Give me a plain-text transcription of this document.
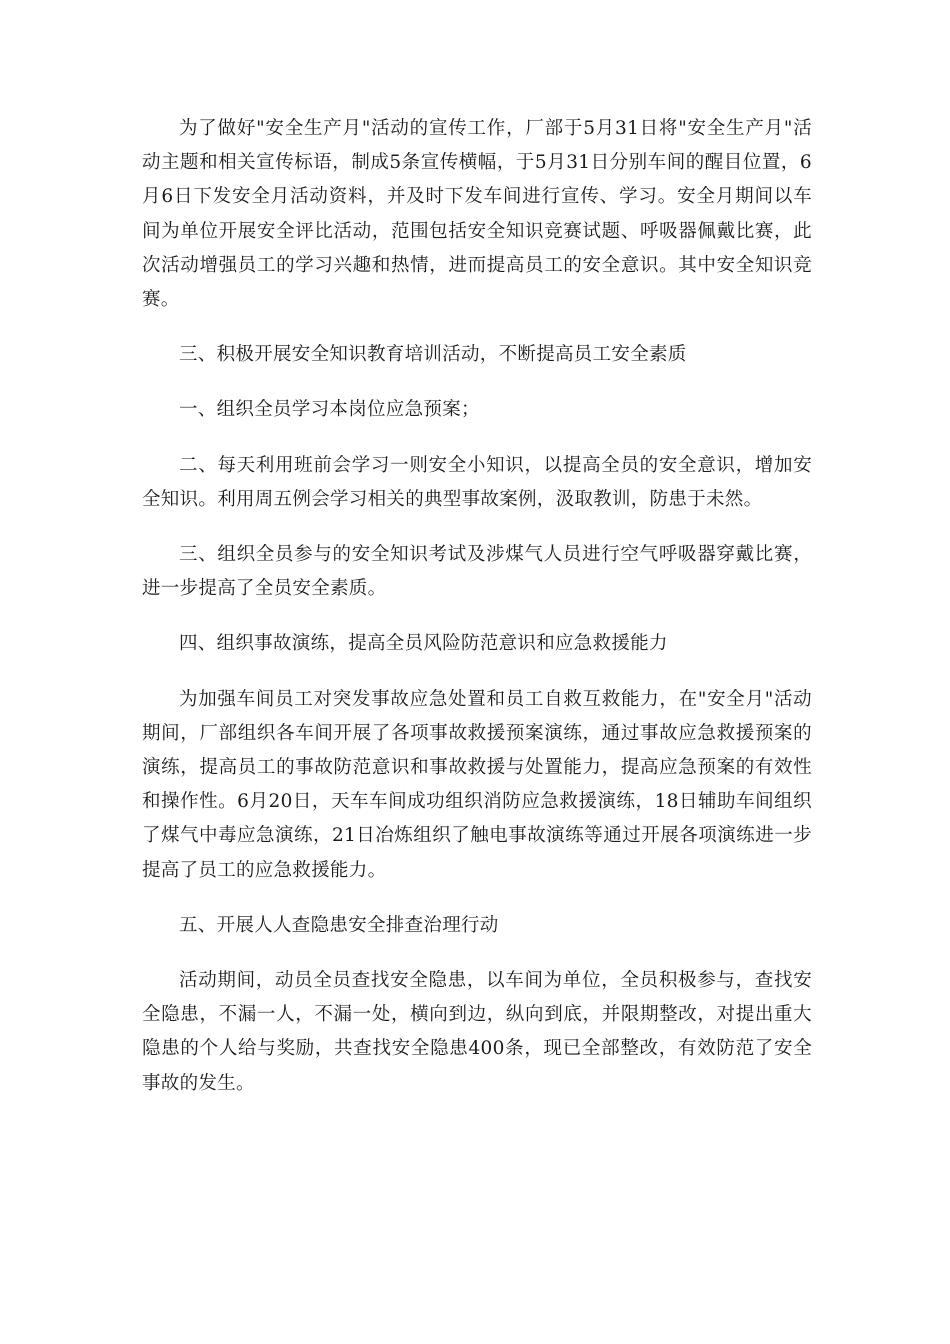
为了做好"安全生产月"活动的宣传工作，厂部于5月31日将"安全生产月"活动主题和相关宣传标语，制成5条宣传横幅，于5月31日分别车间的醒目位置，6月6日下发安全月活动资料，并及时下发车间进行宣传、学习。安全月期间以车间为单位开展安全评比活动，范围包括安全知识竞赛试题、呼吸器佩戴比赛，此次活动增强员工的学习兴趣和热情，进而提高员工的安全意识。其中安全知识竞赛。

三、积极开展安全知识教育培训活动，不断提高员工安全素质

一、组织全员学习本岗位应急预案；

二、每天利用班前会学习一则安全小知识，以提高全员的安全意识，增加安全知识。利用周五例会学习相关的典型事故案例，汲取教训，防患于未然。

三、组织全员参与的安全知识考试及涉煤气人员进行空气呼吸器穿戴比赛，进一步提高了全员安全素质。

四、组织事故演练，提高全员风险防范意识和应急救援能力

为加强车间员工对突发事故应急处置和员工自救互救能力，在"安全月"活动期间，厂部组织各车间开展了各项事故救援预案演练，通过事故应急救援预案的演练，提高员工的事故防范意识和事故救援与处置能力，提高应急预案的有效性和操作性。6月20日，天车车间成功组织消防应急救援演练，18日辅助车间组织了煤气中毒应急演练，21日冶炼组织了触电事故演练等通过开展各项演练进一步提高了员工的应急救援能力。

五、开展人人查隐患安全排查治理行动

活动期间，动员全员查找安全隐患，以车间为单位，全员积极参与，查找安全隐患，不漏一人，不漏一处，横向到边，纵向到底，并限期整改，对提出重大隐患的个人给与奖励，共查找安全隐患400条，现已全部整改，有效防范了安全事故的发生。
